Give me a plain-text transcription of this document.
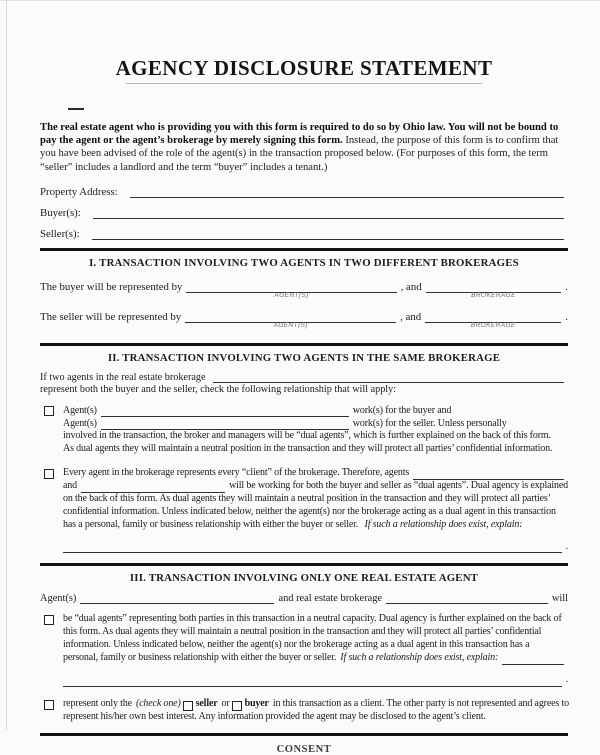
AGENCY DISCLOSURE STATEMENT

The real estate agent who is providing you with this form is required to do so by Ohio law. You will not be bound to pay the agent or the agent’s brokerage by merely signing this form. Instead, the purpose of this form is to confirm that you have been advised of the role of the agent(s) in the transaction proposed below. (For purposes of this form, the term “seller” includes a landlord and the term “buyer” includes a tenant.)

Property Address:
Buyer(s):
Seller(s):
I. TRANSACTION INVOLVING TWO AGENTS IN TWO DIFFERENT BROKERAGES
The buyer will be represented by
AGENT(S)
, and
BROKERAGE
.
The seller will be represented by
AGENT(S)
, and
BROKERAGE
.
II. TRANSACTION INVOLVING TWO AGENTS IN THE SAME BROKERAGE
If two agents in the real estate brokerage
represent both the buyer and the seller, check the following relationship that will apply:
Agent(s)	work(s) for the buyer and
Agent(s)	work(s) for the seller. Unless personally
involved in the transaction, the broker and managers will be “dual agents”, which is further explained on the back of this form.
As dual agents they will maintain a neutral position in the transaction and they will protect all parties’ confidential information.
Every agent in the brokerage represents every “client” of the brokerage. Therefore, agents
and	will be working for both the buyer and seller as “dual agents”. Dual agency is explained
on the back of this form. As dual agents they will maintain a neutral position in the transaction and they will protect all parties’
confidential information. Unless indicated below, neither the agent(s) nor the brokerage acting as a dual agent in this transaction
has a personal, family or business relationship with either the buyer or seller. If such a relationship does exist, explain:
.
III. TRANSACTION INVOLVING ONLY ONE REAL ESTATE AGENT
Agent(s)	and real estate brokerage	will
be “dual agents” representing both parties in this transaction in a neutral capacity. Dual agency is further explained on the back of
this form. As dual agents they will maintain a neutral position in the transaction and they will protect all parties’ confidential
information. Unless indicated below, neither the agent(s) nor the brokerage acting as a dual agent in this transaction has a
personal, family or business relationship with either the buyer or seller. If such a relationship does exist, explain:
.
represent only the (check one) seller or buyer in this transaction as a client. The other party is not represented and agrees to
represent his/her own best interest. Any information provided the agent may be disclosed to the agent’s client.
CONSENT
